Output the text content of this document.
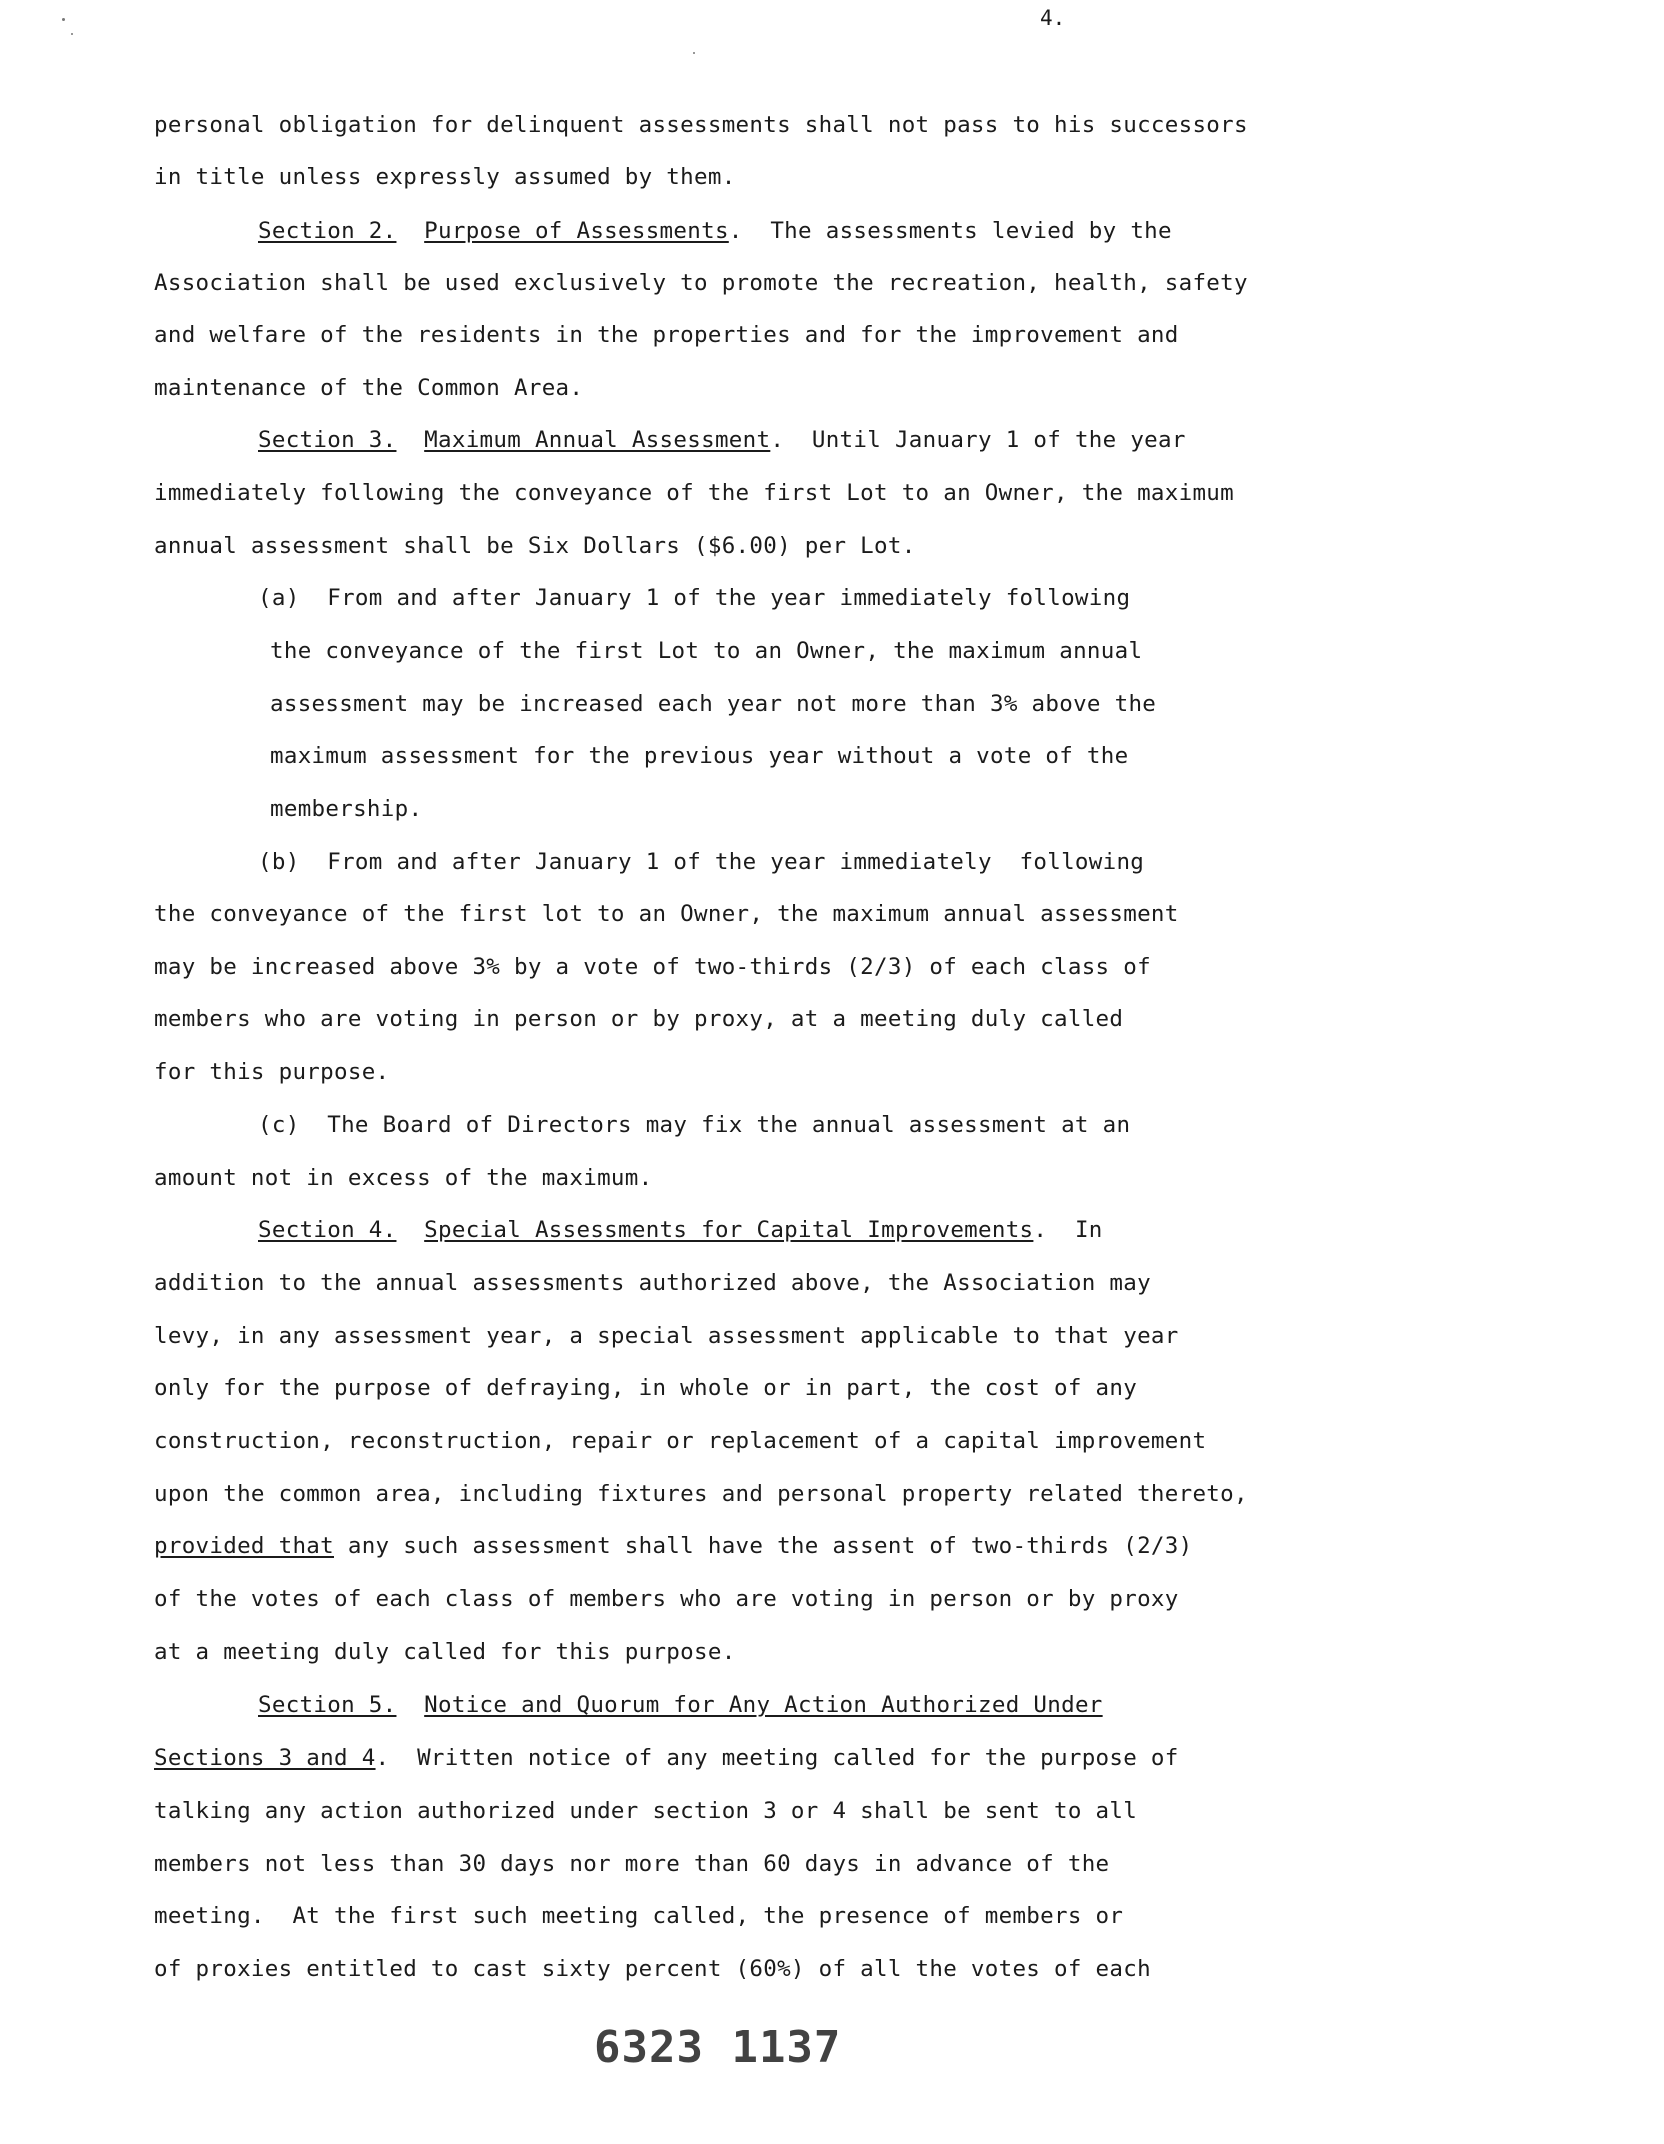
4.
personal obligation for delinquent assessments shall not pass to his successors
in title unless expressly assumed by them.
Section 2. Purpose of Assessments.  The assessments levied by the
Association shall be used exclusively to promote the recreation, health, safety
and welfare of the residents in the properties and for the improvement and
maintenance of the Common Area.
Section 3. Maximum Annual Assessment.  Until January 1 of the year
immediately following the conveyance of the first Lot to an Owner, the maximum
annual assessment shall be Six Dollars ($6.00) per Lot.
(a)  From and after January 1 of the year immediately following
the conveyance of the first Lot to an Owner, the maximum annual
assessment may be increased each year not more than 3% above the
maximum assessment for the previous year without a vote of the
membership.
(b)  From and after January 1 of the year immediately  following
the conveyance of the first lot to an Owner, the maximum annual assessment
may be increased above 3% by a vote of two-thirds (2/3) of each class of
members who are voting in person or by proxy, at a meeting duly called
for this purpose.
(c)  The Board of Directors may fix the annual assessment at an
amount not in excess of the maximum.
Section 4. Special Assessments for Capital Improvements.  In
addition to the annual assessments authorized above, the Association may
levy, in any assessment year, a special assessment applicable to that year
only for the purpose of defraying, in whole or in part, the cost of any
construction, reconstruction, repair or replacement of a capital improvement
upon the common area, including fixtures and personal property related thereto,
provided that any such assessment shall have the assent of two-thirds (2/3)
of the votes of each class of members who are voting in person or by proxy
at a meeting duly called for this purpose.
Section 5. Notice and Quorum for Any Action Authorized Under
Sections 3 and 4.  Written notice of any meeting called for the purpose of
talking any action authorized under section 3 or 4 shall be sent to all
members not less than 30 days nor more than 60 days in advance of the
meeting.  At the first such meeting called, the presence of members or
of proxies entitled to cast sixty percent (60%) of all the votes of each
6323 1137
